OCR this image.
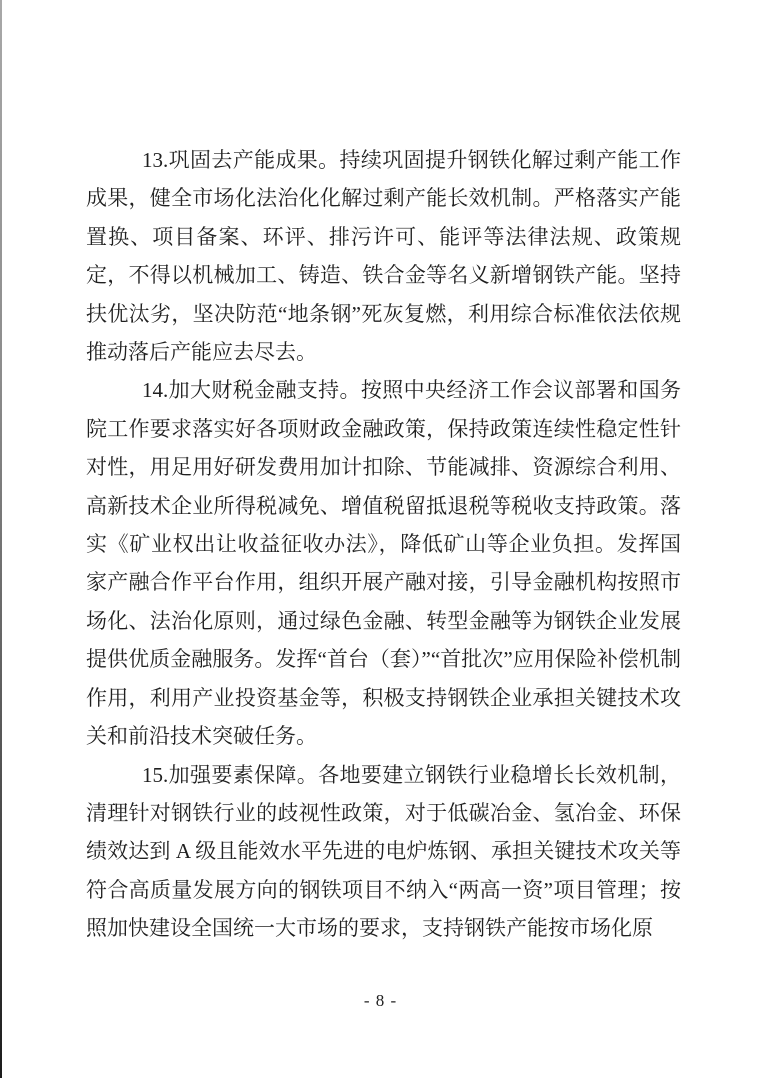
13.巩固去产能成果。持续巩固提升钢铁化解过剩产能工作成果，健全市场化法治化化解过剩产能长效机制。严格落实产能置换、项目备案、环评、排污许可、能评等法律法规、政策规定，不得以机械加工、铸造、铁合金等名义新增钢铁产能。坚持扶优汰劣，坚决防范“地条钢”死灰复燃，利用综合标准依法依规推动落后产能应去尽去。

14.加大财税金融支持。按照中央经济工作会议部署和国务院工作要求落实好各项财政金融政策，保持政策连续性稳定性针对性，用足用好研发费用加计扣除、节能减排、资源综合利用、高新技术企业所得税减免、增值税留抵退税等税收支持政策。落实《矿业权出让收益征收办法》，降低矿山等企业负担。发挥国家产融合作平台作用，组织开展产融对接，引导金融机构按照市场化、法治化原则，通过绿色金融、转型金融等为钢铁企业发展提供优质金融服务。发挥“首台（套）”“首批次”应用保险补偿机制作用，利用产业投资基金等，积极支持钢铁企业承担关键技术攻关和前沿技术突破任务。

15.加强要素保障。各地要建立钢铁行业稳增长长效机制，清理针对钢铁行业的歧视性政策，对于低碳冶金、氢冶金、环保绩效达到 A 级且能效水平先进的电炉炼钢、承担关键技术攻关等符合高质量发展方向的钢铁项目不纳入“两高一资”项目管理；按照加快建设全国统一大市场的要求，支持钢铁产能按市场化原

- 8 -
